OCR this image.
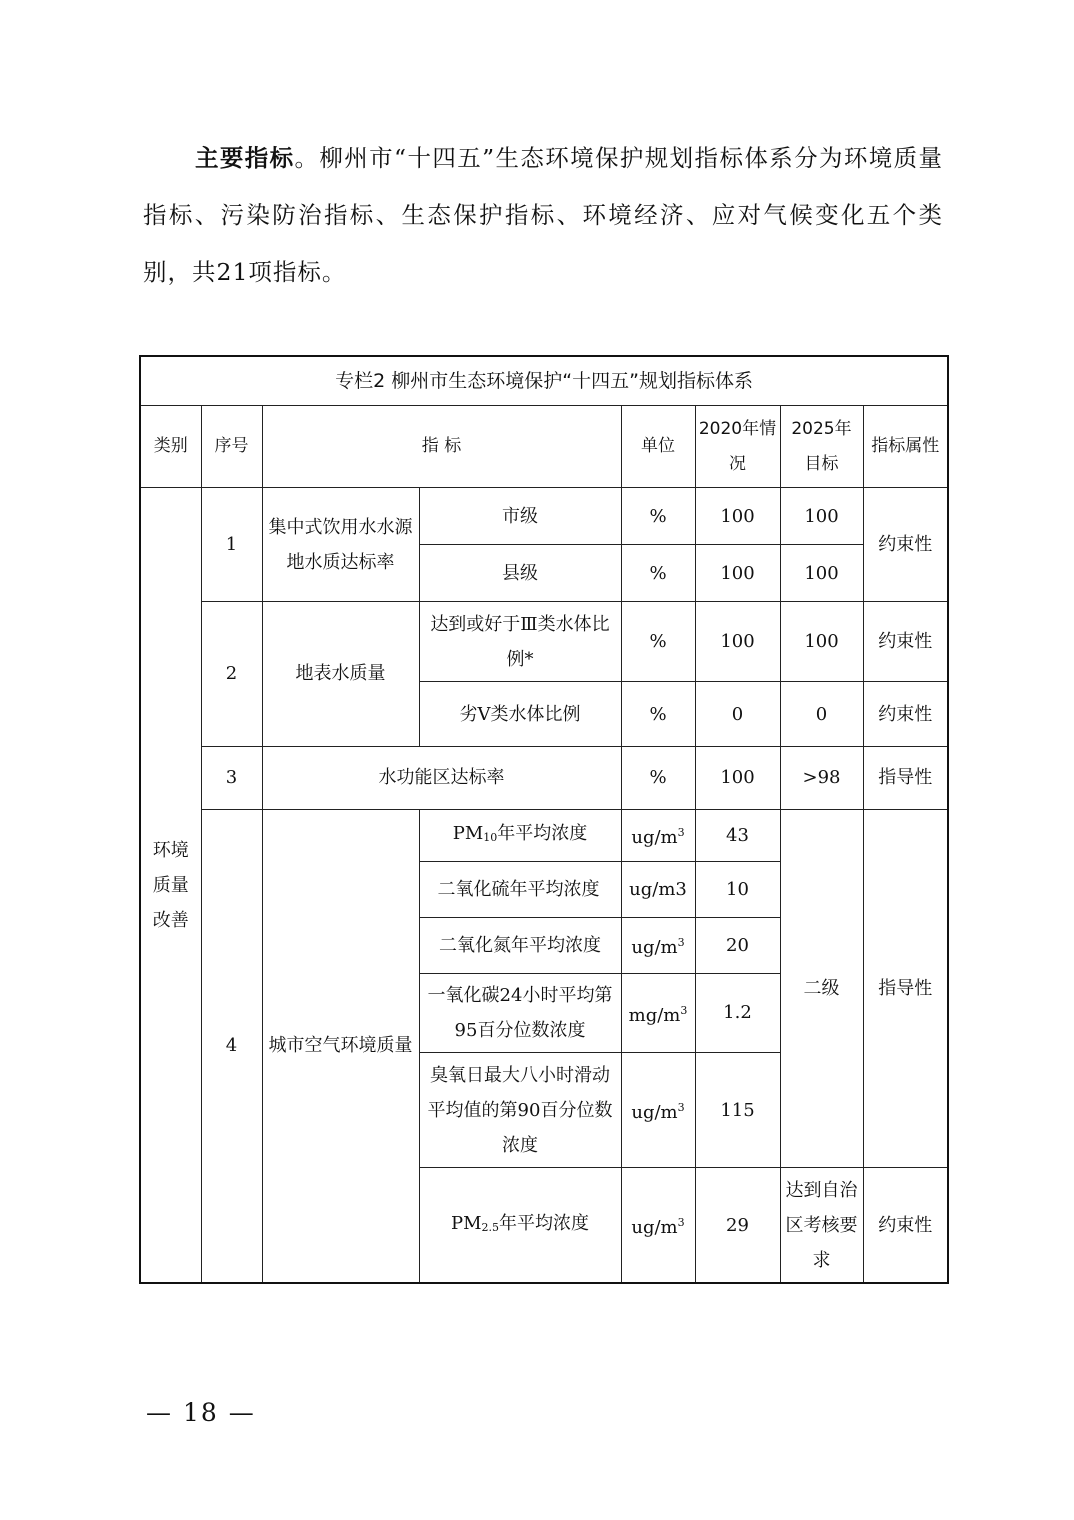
主要指标。柳州市“十四五”生态环境保护规划指标体系分为环境质量指标、污染防治指标、生态保护指标、环境经济、应对气候变化五个类别，共21项指标。

专栏2 柳州市生态环境保护“十四五”规划指标体系							
类别	序号	指 标		单位	2020年情况	2025年目标	指标属性
环境质量改善	1	集中式饮用水水源地水质达标率	市级	%	100	100	约束性
			县级	%	100	100	
	2	地表水质量	达到或好于Ⅲ类水体比例*	%	100	100	约束性
			劣Ⅴ类水体比例	%	0	0	约束性
	3	水功能区达标率		%	100	>98	指导性
	4	城市空气环境质量	$PM_{10}$年平均浓度	$ug/m^3$	43	二级	指导性
			二氧化硫年平均浓度	ug/m3	10		
			二氧化氮年平均浓度	$ug/m^3$	20		
			一氧化碳24小时平均第95百分位数浓度	$mg/m^3$	1.2		
			臭氧日最大八小时滑动平均值的第90百分位数浓度	$ug/m^3$	115		
			$PM_{2.5}$年平均浓度	$ug/m^3$	29	达到自治区考核要求	约束性
— 18 —
